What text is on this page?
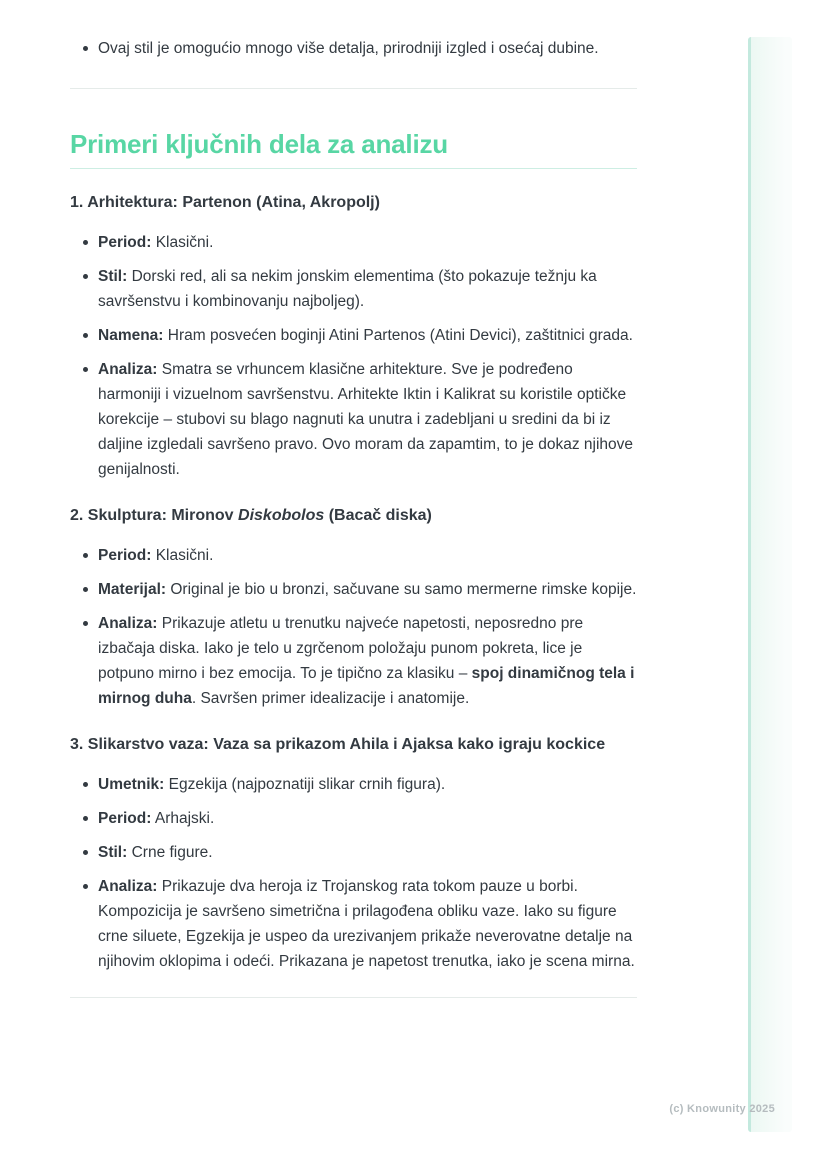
Ovaj stil je omogućio mnogo više detalja, prirodniji izgled i osećaj dubine.
Primeri ključnih dela za analizu
1. Arhitektura: Partenon (Atina, Akropolj)
Period: Klasični.
Stil: Dorski red, ali sa nekim jonskim elementima (što pokazuje težnju ka savršenstvu i kombinovanju najboljeg).
Namena: Hram posvećen boginji Atini Partenos (Atini Devici), zaštitnici grada.
Analiza: Smatra se vrhuncem klasične arhitekture. Sve je podređeno harmoniji i vizuelnom savršenstvu. Arhitekte Iktin i Kalikrat su koristile optičke korekcije – stubovi su blago nagnuti ka unutra i zadebljani u sredini da bi iz daljine izgledali savršeno pravo. Ovo moram da zapamtim, to je dokaz njihove genijalnosti.
2. Skulptura: Mironov Diskobolos (Bacač diska)
Period: Klasični.
Materijal: Original je bio u bronzi, sačuvane su samo mermerne rimske kopije.
Analiza: Prikazuje atletu u trenutku najveće napetosti, neposredno pre izbačaja diska. Iako je telo u zgrčenom položaju punom pokreta, lice je potpuno mirno i bez emocija. To je tipično za klasiku – spoj dinamičnog tela i mirnog duha. Savršen primer idealizacije i anatomije.
3. Slikarstvo vaza: Vaza sa prikazom Ahila i Ajaksa kako igraju kockice
Umetnik: Egzekija (najpoznatiji slikar crnih figura).
Period: Arhajski.
Stil: Crne figure.
Analiza: Prikazuje dva heroja iz Trojanskog rata tokom pauze u borbi. Kompozicija je savršeno simetrična i prilagođena obliku vaze. Iako su figure crne siluete, Egzekija je uspeo da urezivanjem prikaže neverovatne detalje na njihovim oklopima i odeći. Prikazana je napetost trenutka, iako je scena mirna.
(c) Knowunity 2025
